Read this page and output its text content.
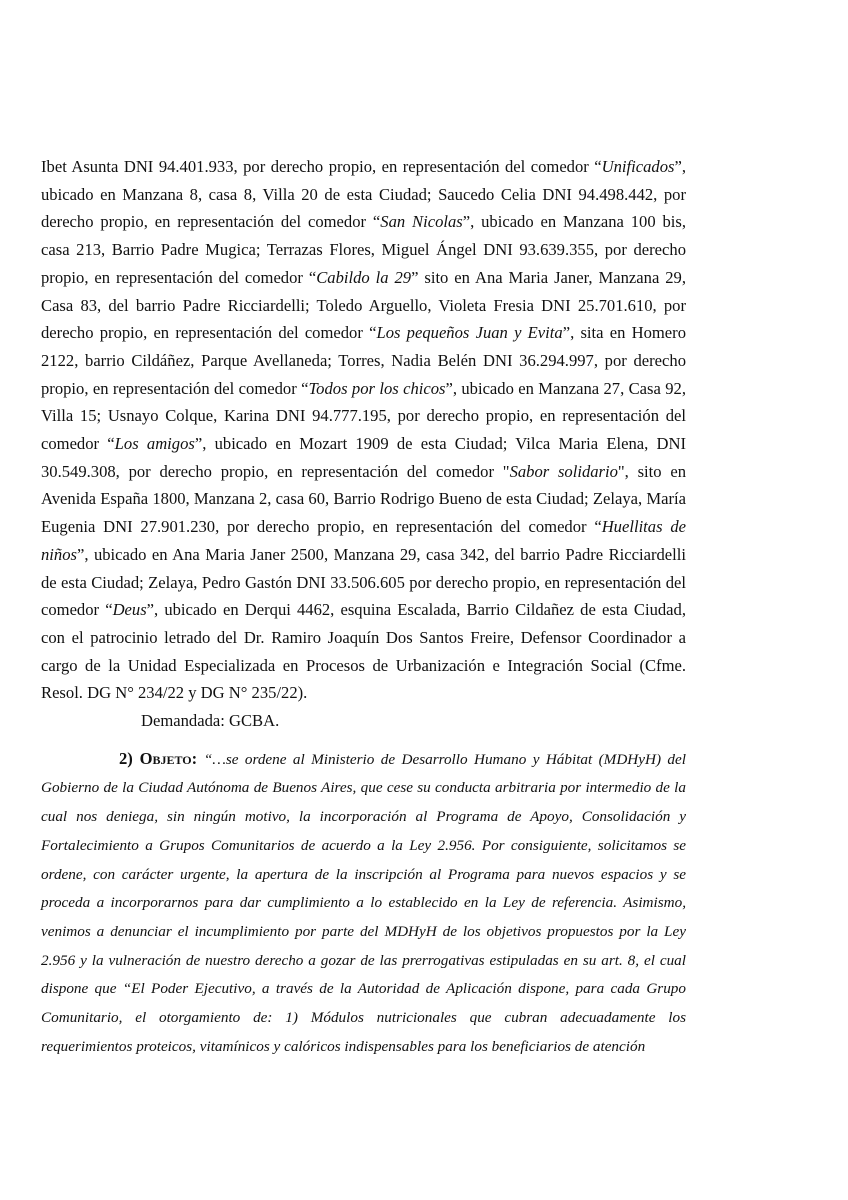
Ibet Asunta DNI 94.401.933, por derecho propio, en representación del comedor “Unificados”, ubicado en Manzana 8, casa 8, Villa 20 de esta Ciudad; Saucedo Celia DNI 94.498.442, por derecho propio, en representación del comedor “San Nicolas”, ubicado en Manzana 100 bis, casa 213, Barrio Padre Mugica; Terrazas Flores, Miguel Ángel DNI 93.639.355, por derecho propio, en representación del comedor “Cabildo la 29” sito en Ana Maria Janer, Manzana 29, Casa 83, del barrio Padre Ricciardelli; Toledo Arguello, Violeta Fresia DNI 25.701.610, por derecho propio, en representación del comedor “Los pequeños Juan y Evita”, sita en Homero 2122, barrio Cildáñez, Parque Avellaneda; Torres, Nadia Belén DNI 36.294.997, por derecho propio, en representación del comedor “Todos por los chicos”, ubicado en Manzana 27, Casa 92, Villa 15; Usnayo Colque, Karina DNI 94.777.195, por derecho propio, en representación del comedor “Los amigos”, ubicado en Mozart 1909 de esta Ciudad; Vilca Maria Elena, DNI 30.549.308, por derecho propio, en representación del comedor "Sabor solidario", sito en Avenida España 1800, Manzana 2, casa 60, Barrio Rodrigo Bueno de esta Ciudad; Zelaya, María Eugenia DNI 27.901.230, por derecho propio, en representación del comedor “Huellitas de niños”, ubicado en Ana Maria Janer 2500, Manzana 29, casa 342, del barrio Padre Ricciardelli de esta Ciudad; Zelaya, Pedro Gastón DNI 33.506.605 por derecho propio, en representación del comedor “Deus”, ubicado en Derqui 4462, esquina Escalada, Barrio Cildañez de esta Ciudad, con el patrocinio letrado del Dr. Ramiro Joaquín Dos Santos Freire, Defensor Coordinador a cargo de la Unidad Especializada en Procesos de Urbanización e Integración Social (Cfme. Resol. DG N° 234/22 y DG N° 235/22).

Demandada: GCBA.

2) Objeto: “…se ordene al Ministerio de Desarrollo Humano y Hábitat (MDHyH) del Gobierno de la Ciudad Autónoma de Buenos Aires, que cese su conducta arbitraria por intermedio de la cual nos deniega, sin ningún motivo, la incorporación al Programa de Apoyo, Consolidación y Fortalecimiento a Grupos Comunitarios de acuerdo a la Ley 2.956. Por consiguiente, solicitamos se ordene, con carácter urgente, la apertura de la inscripción al Programa para nuevos espacios y se proceda a incorporarnos para dar cumplimiento a lo establecido en la Ley de referencia. Asimismo, venimos a denunciar el incumplimiento por parte del MDHyH de los objetivos propuestos por la Ley 2.956 y la vulneración de nuestro derecho a gozar de las prerrogativas estipuladas en su art. 8, el cual dispone que “El Poder Ejecutivo, a través de la Autoridad de Aplicación dispone, para cada Grupo Comunitario, el otorgamiento de: 1) Módulos nutricionales que cubran adecuadamente los requerimientos proteicos, vitamínicos y calóricos indispensables para los beneficiarios de atención
